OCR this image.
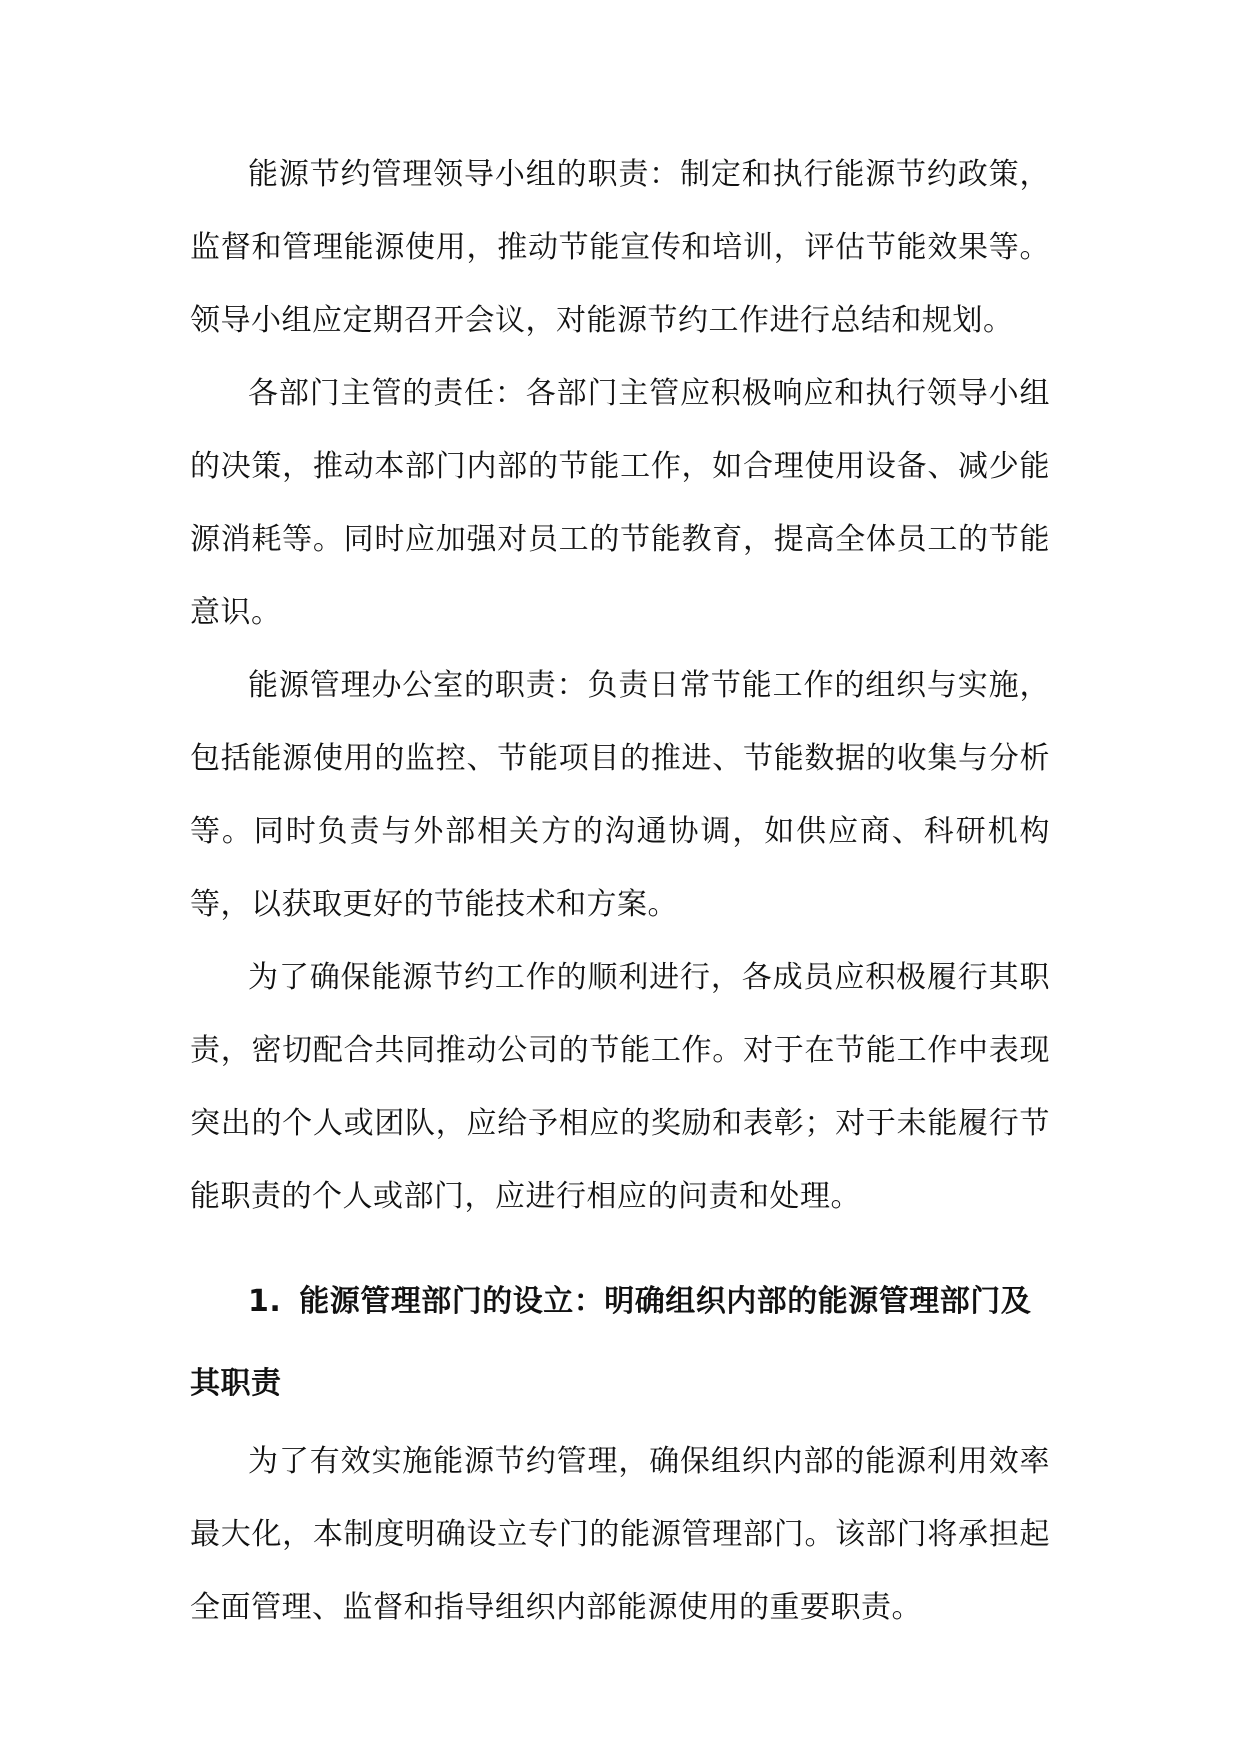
能源节约管理领导小组的职责：制定和执行能源节约政策，监督和管理能源使用，推动节能宣传和培训，评估节能效果等。领导小组应定期召开会议，对能源节约工作进行总结和规划。

各部门主管的责任：各部门主管应积极响应和执行领导小组的决策，推动本部门内部的节能工作，如合理使用设备、减少能源消耗等。同时应加强对员工的节能教育，提高全体员工的节能意识。

能源管理办公室的职责：负责日常节能工作的组织与实施，包括能源使用的监控、节能项目的推进、节能数据的收集与分析等。同时负责与外部相关方的沟通协调，如供应商、科研机构等，以获取更好的节能技术和方案。

为了确保能源节约工作的顺利进行，各成员应积极履行其职责，密切配合共同推动公司的节能工作。对于在节能工作中表现突出的个人或团队，应给予相应的奖励和表彰；对于未能履行节能职责的个人或部门，应进行相应的问责和处理。

1. 能源管理部门的设立：明确组织内部的能源管理部门及其职责

为了有效实施能源节约管理，确保组织内部的能源利用效率最大化，本制度明确设立专门的能源管理部门。该部门将承担起全面管理、监督和指导组织内部能源使用的重要职责。
